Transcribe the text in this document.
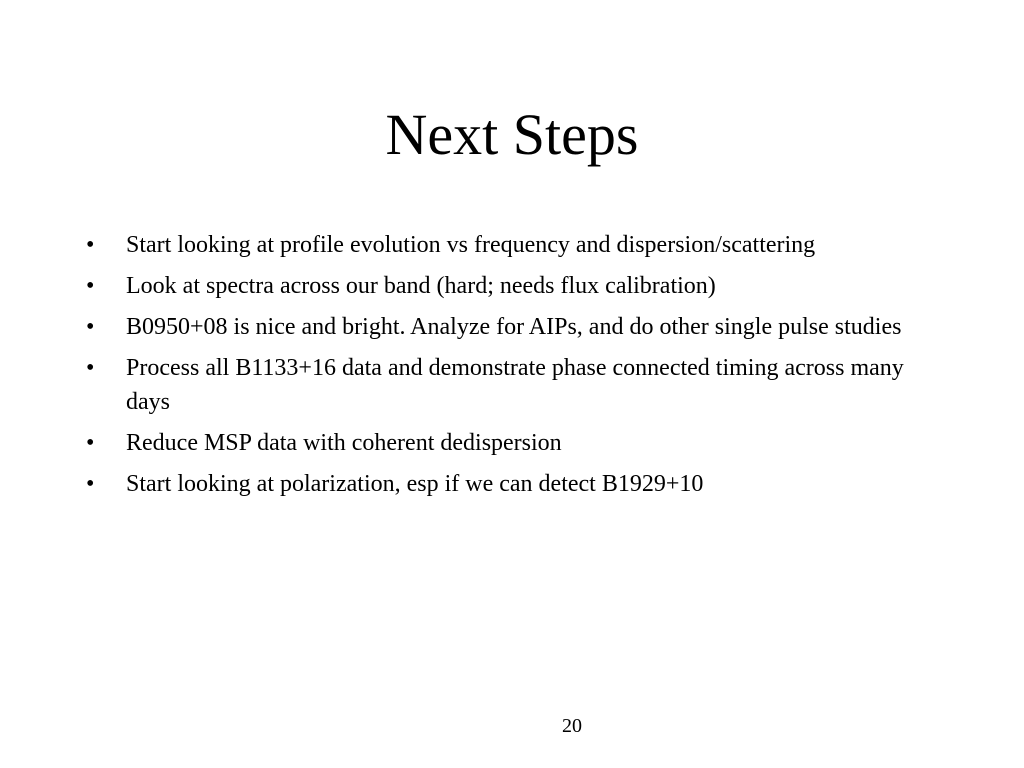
Next Steps
•	Start looking at profile evolution vs frequency and dispersion/scattering
•	Look at spectra across our band (hard; needs flux calibration)
•	B0950+08 is nice and bright. Analyze for AIPs, and do other single pulse studies
•	Process all B1133+16 data and demonstrate phase connected timing across many days
•	Reduce MSP data with coherent dedispersion
•	Start looking at polarization, esp if we can detect B1929+10
20
